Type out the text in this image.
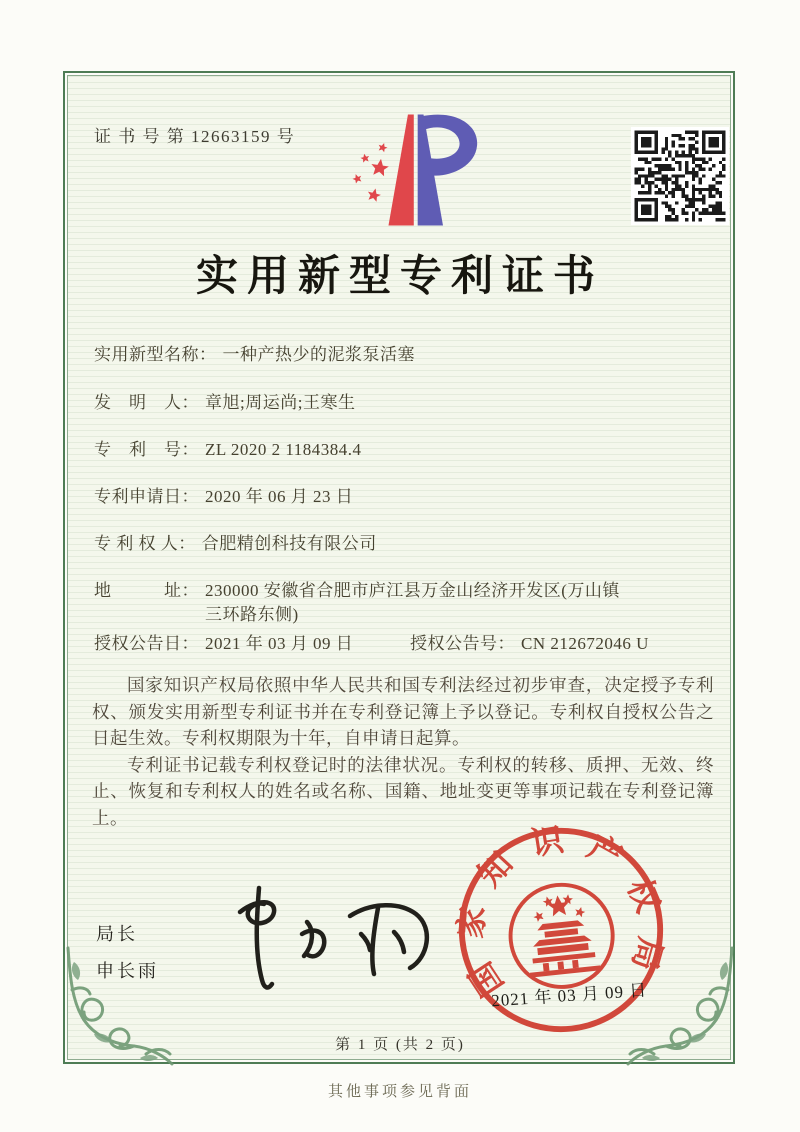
证 书 号 第 12663159 号
实用新型专利证书
实用新型名称： 一种产热少的泥浆泵活塞
发　明　人： 章旭;周运尚;王寒生
专　利　号： ZL 2020 2 1184384.4
专利申请日： 2020 年 06 月 23 日
专 利 权 人： 合肥精创科技有限公司
地　　　址： 230000 安徽省合肥市庐江县万金山经济开发区(万山镇三环路东侧)
授权公告日： 2021 年 03 月 09 日	授权公告号： CN 212672046 U

国家知识产权局依照中华人民共和国专利法经过初步审查，决定授予专利权、颁发实用新型专利证书并在专利登记簿上予以登记。专利权自授权公告之日起生效。专利权期限为十年，自申请日起算。

专利证书记载专利权登记时的法律状况。专利权的转移、质押、无效、终止、恢复和专利权人的姓名或名称、国籍、地址变更等事项记载在专利登记簿上。

局长
申长雨	国家知识产权局
2021 年 03 月 09 日
第 1 页 (共 2 页)
其他事项参见背面
